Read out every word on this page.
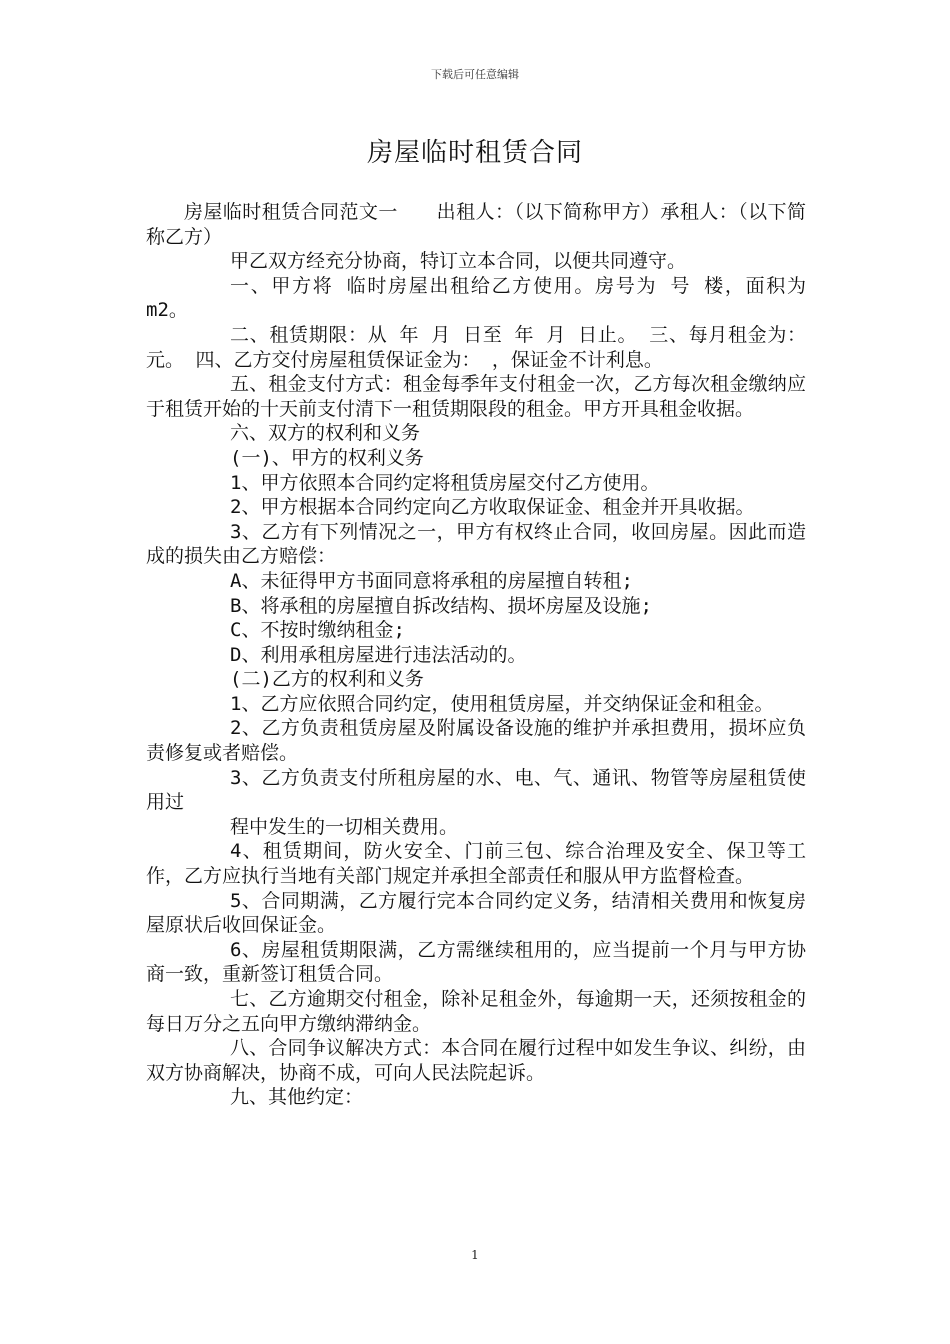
下载后可任意编辑
房屋临时租赁合同

房屋临时租赁合同范文一　　出租人：（以下简称甲方）承租人：（以下简称乙方）

甲乙双方经充分协商，特订立本合同，以便共同遵守。

一、甲方将 临时房屋出租给乙方使用。房号为 号 楼，面积为 m2。

二、租赁期限：从 年 月 日至 年 月 日止。 三、每月租金为： 元。 四、乙方交付房屋租赁保证金为： ，保证金不计利息。

五、租金支付方式：租金每季年支付租金一次，乙方每次租金缴纳应于租赁开始的十天前支付清下一租赁期限段的租金。甲方开具租金收据。

六、双方的权利和义务

(一)、甲方的权利义务

1、甲方依照本合同约定将租赁房屋交付乙方使用。

2、甲方根据本合同约定向乙方收取保证金、租金并开具收据。

3、乙方有下列情况之一，甲方有权终止合同，收回房屋。因此而造成的损失由乙方赔偿：

A、未征得甲方书面同意将承租的房屋擅自转租;

B、将承租的房屋擅自拆改结构、损坏房屋及设施;

C、不按时缴纳租金;

D、利用承租房屋进行违法活动的。

(二)乙方的权利和义务

1、乙方应依照合同约定，使用租赁房屋，并交纳保证金和租金。

2、乙方负责租赁房屋及附属设备设施的维护并承担费用，损坏应负责修复或者赔偿。

3、乙方负责支付所租房屋的水、电、气、通讯、物管等房屋租赁使用过

程中发生的一切相关费用。

4、租赁期间，防火安全、门前三包、综合治理及安全、保卫等工作，乙方应执行当地有关部门规定并承担全部责任和服从甲方监督检查。

5、合同期满，乙方履行完本合同约定义务，结清相关费用和恢复房屋原状后收回保证金。

6、房屋租赁期限满，乙方需继续租用的，应当提前一个月与甲方协商一致，重新签订租赁合同。

七、乙方逾期交付租金，除补足租金外，每逾期一天，还须按租金的每日万分之五向甲方缴纳滞纳金。

八、合同争议解决方式：本合同在履行过程中如发生争议、纠纷，由双方协商解决，协商不成，可向人民法院起诉。

九、其他约定：

1
